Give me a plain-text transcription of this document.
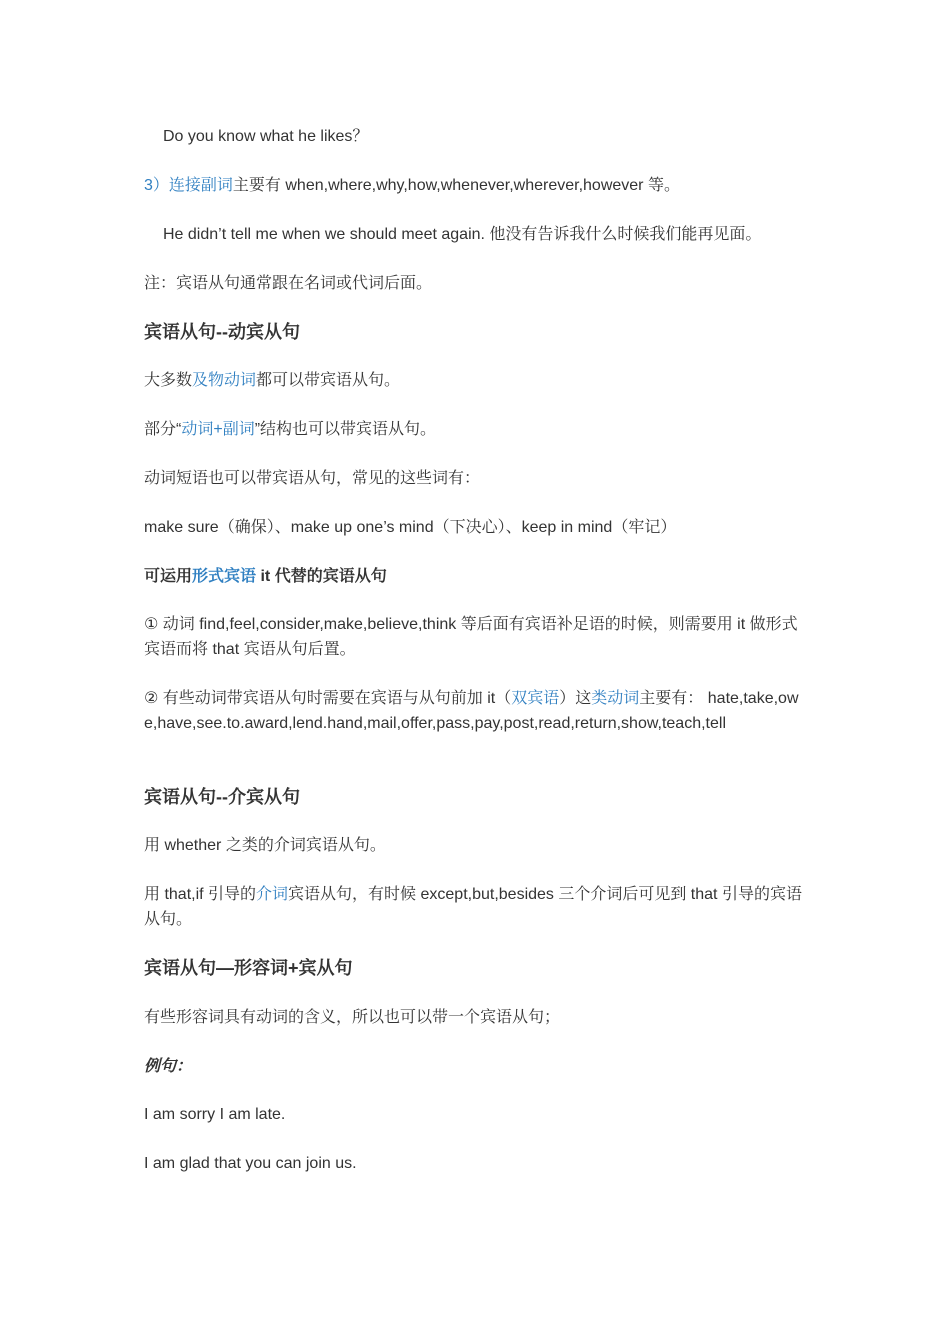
Do you know what he likes？
3）连接副词主要有 when,where,why,how,whenever,wherever,however 等。
He didn’t tell me when we should meet again. 他没有告诉我什么时候我们能再见面。
注：宾语从句通常跟在名词或代词后面。
宾语从句--动宾从句
大多数及物动词都可以带宾语从句。
部分“动词+副词”结构也可以带宾语从句。
动词短语也可以带宾语从句，常见的这些词有：
make sure（确保）、make up one’s mind（下决心）、keep in mind（牢记）
可运用形式宾语 it 代替的宾语从句
① 动词 find,feel,consider,make,believe,think 等后面有宾语补足语的时候，则需要用 it 做形式宾语而将 that 宾语从句后置。
② 有些动词带宾语从句时需要在宾语与从句前加 it（双宾语）这类动词主要有： hate,take,owe,have,see.to.award,lend.hand,mail,offer,pass,pay,post,read,return,show,teach,tell
宾语从句--介宾从句
用 whether 之类的介词宾语从句。
用 that,if 引导的介词宾语从句，有时候 except,but,besides 三个介词后可见到 that 引导的宾语从句。
宾语从句—形容词+宾从句
有些形容词具有动词的含义，所以也可以带一个宾语从句；
例句：
I am sorry I am late.
I am glad that you can join us.
